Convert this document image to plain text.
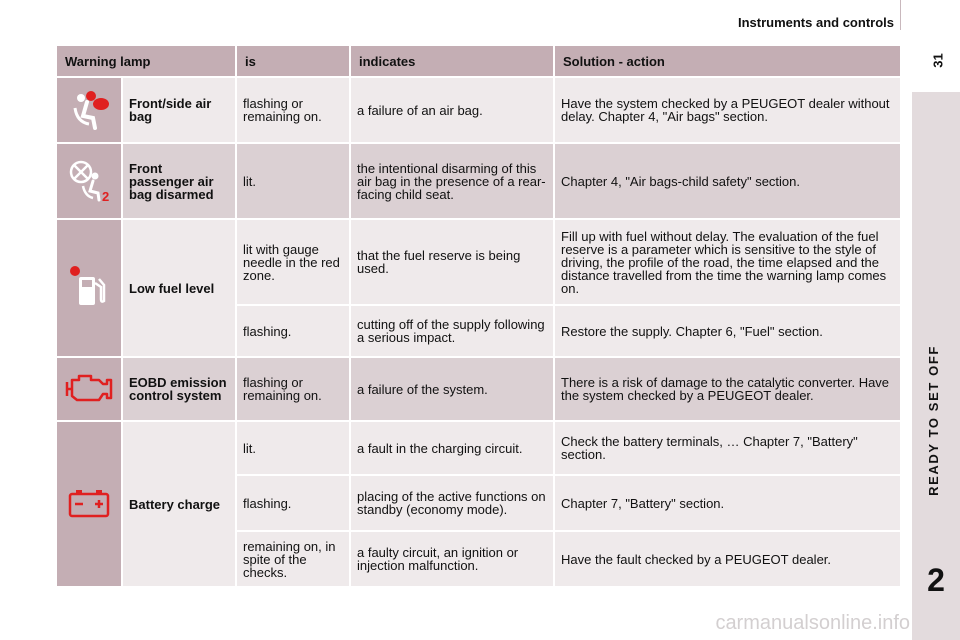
Instruments and controls
31
READY TO SET OFF
2
Warning lamp		is	indicates	Solution - action
	Front/side air bag	flashing or remaining on.	a failure of an air bag.	Have the system checked by a PEUGEOT dealer without delay. Chapter 4, "Air bags" section.

2	Front passenger air bag disarmed	lit.	the intentional disarming of this air bag in the presence of a rear-facing child seat.	Chapter 4, "Air bags-child safety" section.
	Low fuel level	lit with gauge needle in the red zone.	that the fuel reserve is being used.	Fill up with fuel without delay. The evaluation of the fuel reserve is a parameter which is sensitive to the style of driving, the profile of the road, the time elapsed and the distance travelled from the time the warning lamp comes on.
		flashing.	cutting off of the supply following a serious impact.	Restore the supply. Chapter 6, "Fuel" section.
	EOBD emission control system	flashing or remaining on.	a failure of the system.	There is a risk of damage to the catalytic converter. Have the system checked by a PEUGEOT dealer.
	Battery charge	lit.	a fault in the charging circuit.	Check the battery terminals, … Chapter 7, "Battery" section.
		flashing.	placing of the active functions on standby (economy mode).	Chapter 7, "Battery" section.
		remaining on, in spite of the checks.	a faulty circuit, an ignition or injection malfunction.	Have the fault checked by a PEUGEOT dealer.
carmanualsonline.info
